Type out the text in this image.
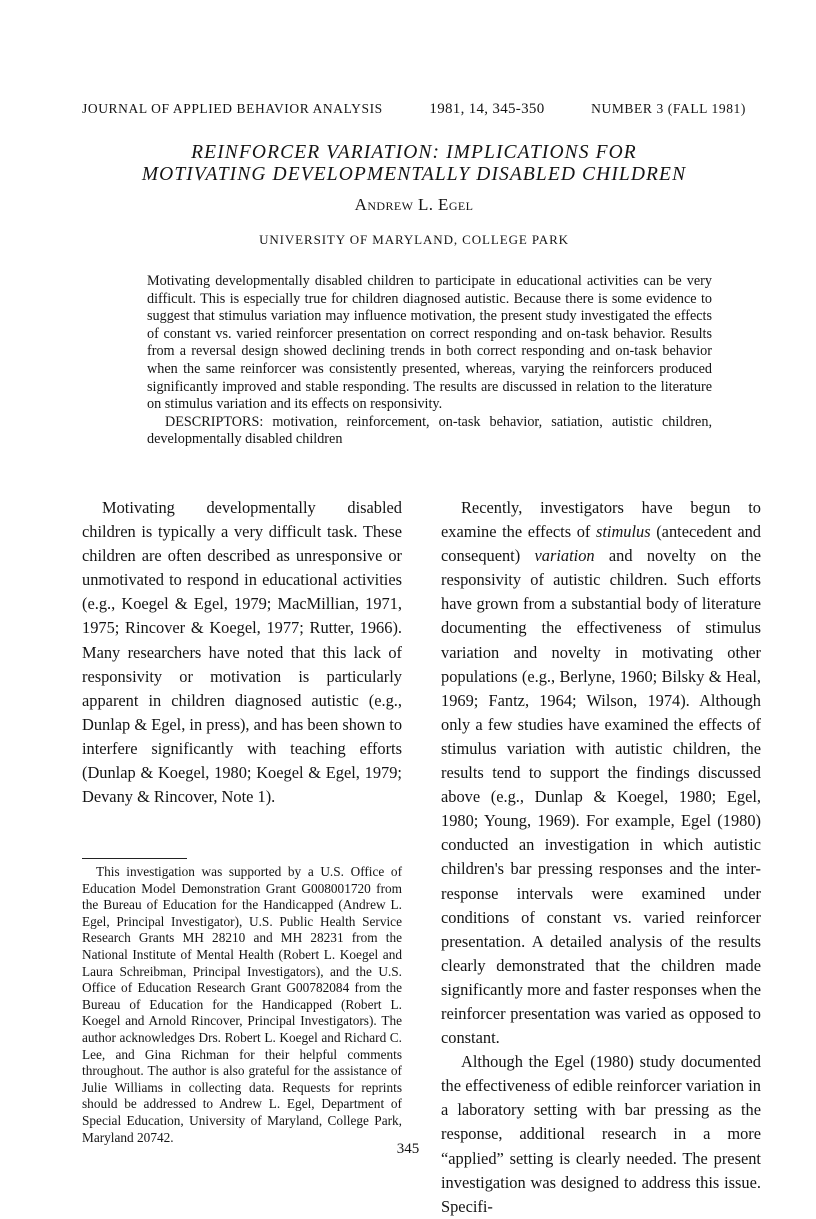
JOURNAL OF APPLIED BEHAVIOR ANALYSIS	1981, 14, 345-350	NUMBER 3 (FALL 1981)
REINFORCER VARIATION: IMPLICATIONS FOR
MOTIVATING DEVELOPMENTALLY DISABLED CHILDREN
Andrew L. Egel
UNIVERSITY OF MARYLAND, COLLEGE PARK

Motivating developmentally disabled children to participate in educational activities can be very difficult. This is especially true for children diagnosed autistic. Because there is some evidence to suggest that stimulus variation may influence motivation, the present study investigated the effects of constant vs. varied reinforcer presentation on correct responding and on-task behavior. Results from a reversal design showed declining trends in both correct responding and on-task behavior when the same reinforcer was consistently presented, whereas, varying the reinforcers produced significantly improved and stable responding. The results are discussed in relation to the literature on stimulus variation and its effects on responsivity.

DESCRIPTORS: motivation, reinforcement, on-task behavior, satiation, autistic children, developmentally disabled children

Motivating developmentally disabled children is typically a very difficult task. These children are often described as unresponsive or unmotivated to respond in educational activities (e.g., Koegel & Egel, 1979; MacMillian, 1971, 1975; Rincover & Koegel, 1977; Rutter, 1966). Many researchers have noted that this lack of responsivity or motivation is particularly apparent in children diagnosed autistic (e.g., Dunlap & Egel, in press), and has been shown to interfere significantly with teaching efforts (Dunlap & Koegel, 1980; Koegel & Egel, 1979; Devany & Rincover, Note 1).

This investigation was supported by a U.S. Office of Education Model Demonstration Grant G008001720 from the Bureau of Education for the Handicapped (Andrew L. Egel, Principal Investigator), U.S. Public Health Service Research Grants MH 28210 and MH 28231 from the National Institute of Mental Health (Robert L. Koegel and Laura Schreibman, Principal Investigators), and the U.S. Office of Education Research Grant G00782084 from the Bureau of Education for the Handicapped (Robert L. Koegel and Arnold Rincover, Principal Investigators). The author acknowledges Drs. Robert L. Koegel and Richard C. Lee, and Gina Richman for their helpful comments throughout. The author is also grateful for the assistance of Julie Williams in collecting data. Requests for reprints should be addressed to Andrew L. Egel, Department of Special Education, University of Maryland, College Park, Maryland 20742.

Recently, investigators have begun to examine the effects of stimulus (antecedent and consequent) variation and novelty on the responsivity of autistic children. Such efforts have grown from a substantial body of literature documenting the effectiveness of stimulus variation and novelty in motivating other populations (e.g., Berlyne, 1960; Bilsky & Heal, 1969; Fantz, 1964; Wilson, 1974). Although only a few studies have examined the effects of stimulus variation with autistic children, the results tend to support the findings discussed above (e.g., Dunlap & Koegel, 1980; Egel, 1980; Young, 1969). For example, Egel (1980) conducted an investigation in which autistic children's bar pressing responses and the inter-response intervals were examined under conditions of constant vs. varied reinforcer presentation. A detailed analysis of the results clearly demonstrated that the children made significantly more and faster responses when the reinforcer presentation was varied as opposed to constant.

Although the Egel (1980) study documented the effectiveness of edible reinforcer variation in a laboratory setting with bar pressing as the response, additional research in a more “applied” setting is clearly needed. The present investigation was designed to address this issue. Specifi-

345
